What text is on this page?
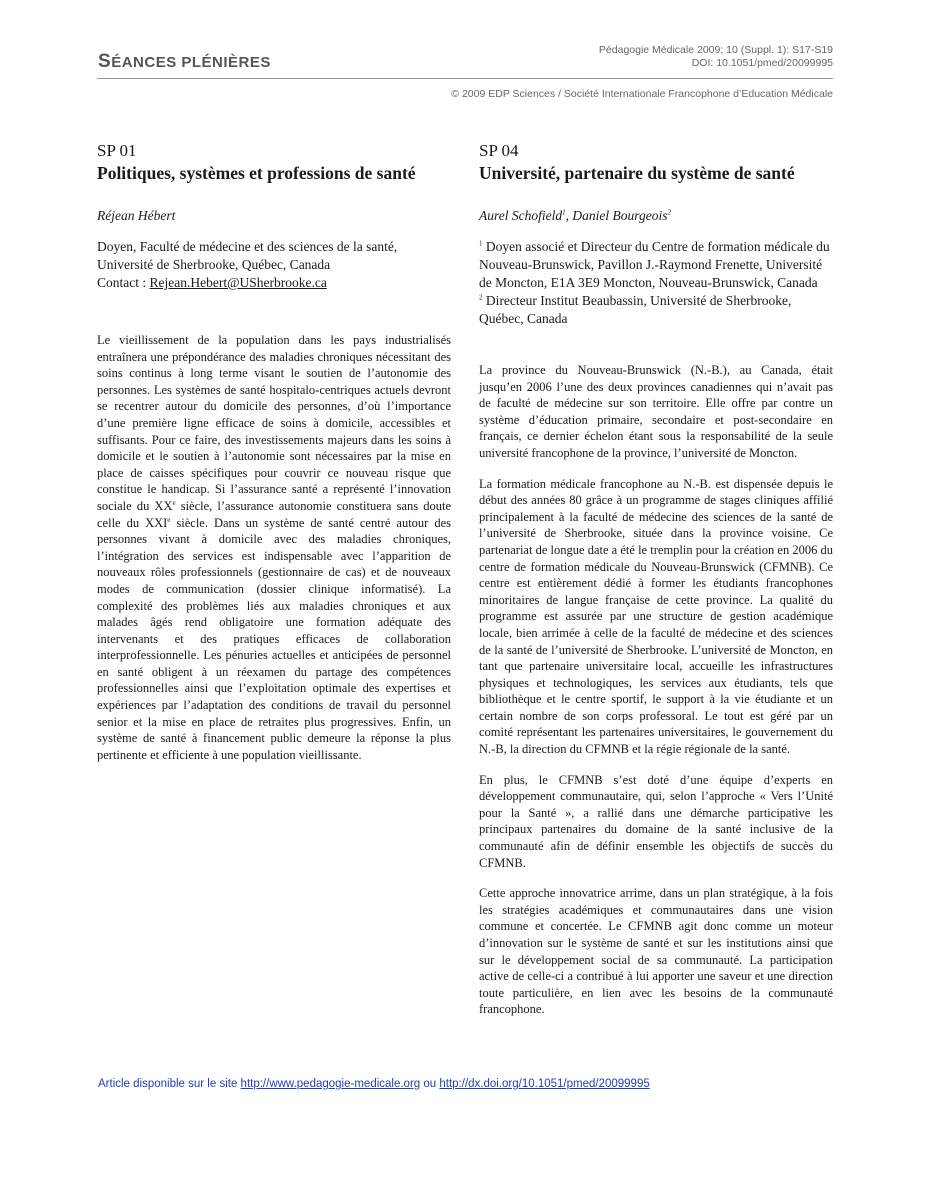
SÉANCES PLÉNIÈRES
Pédagogie Médicale 2009; 10 (Suppl. 1): S17-S19
DOI: 10.1051/pmed/20099995
© 2009 EDP Sciences / Société Internationale Francophone d’Education Médicale
SP 01
Politiques, systèmes et professions de santé
Réjean Hébert

Doyen, Faculté de médecine et des sciences de la santé,

Université de Sherbrooke, Québec, Canada

Contact : Rejean.Hebert@USherbrooke.ca

Le vieillissement de la population dans les pays industrialisés entraînera une prépondérance des maladies chroniques nécessitant des soins continus à long terme visant le soutien de l’autonomie des personnes. Les systèmes de santé hospitalo-centriques actuels devront se recentrer autour du domicile des personnes, d’où l’importance d’une première ligne efficace de soins à domicile, accessibles et suffisants. Pour ce faire, des investissements majeurs dans les soins à domicile et le soutien à l’autonomie sont nécessaires par la mise en place de caisses spécifiques pour couvrir ce nouveau risque que constitue le handicap. Si l’assurance santé a représenté l’innovation sociale du XXe siècle, l’assurance autonomie constituera sans doute celle du XXIe siècle. Dans un système de santé centré autour des personnes vivant à domicile avec des maladies chroniques, l’intégration des services est indispensable avec l’apparition de nouveaux rôles professionnels (gestionnaire de cas) et de nouveaux modes de communication (dossier clinique informatisé). La complexité des problèmes liés aux maladies chroniques et aux malades âgés rend obligatoire une formation adéquate des intervenants et des pratiques efficaces de collaboration interprofessionnelle. Les pénuries actuelles et anticipées de personnel en santé obligent à un réexamen du partage des compétences professionnelles ainsi que l’exploitation optimale des expertises et expériences par l’adaptation des conditions de travail du personnel senior et la mise en place de retraites plus progressives. Enfin, un système de santé à financement public demeure la réponse la plus pertinente et efficiente à une population vieillissante.

SP 04
Université, partenaire du système de santé
Aurel Schofield$^1$, Daniel Bourgeois$^2$

$^1$ Doyen associé et Directeur du Centre de formation médicale du Nouveau-Brunswick, Pavillon J.-Raymond Frenette, Université de Moncton, E1A 3E9 Moncton, Nouveau-Brunswick, Canada

$^2$ Directeur Institut Beaubassin, Université de Sherbrooke, Québec, Canada

La province du Nouveau-Brunswick (N.-B.), au Canada, était jusqu’en 2006 l’une des deux provinces canadiennes qui n’avait pas de faculté de médecine sur son territoire. Elle offre par contre un système d’éducation primaire, secondaire et post-secondaire en français, ce dernier échelon étant sous la responsabilité de la seule université francophone de la province, l’université de Moncton.

La formation médicale francophone au N.-B. est dispensée depuis le début des années 80 grâce à un programme de stages cliniques affilié principalement à la faculté de médecine des sciences de la santé de l’université de Sherbrooke, située dans la province voisine. Ce partenariat de longue date a été le tremplin pour la création en 2006 du centre de formation médicale du Nouveau-Brunswick (CFMNB). Ce centre est entièrement dédié à former les étudiants francophones minoritaires de langue française de cette province. La qualité du programme est assurée par une structure de gestion académique locale, bien arrimée à celle de la faculté de médecine et des sciences de la santé de l’université de Sherbrooke. L’université de Moncton, en tant que partenaire universitaire local, accueille les infrastructures physiques et technologiques, les services aux étudiants, tels que bibliothèque et le centre sportif, le support à la vie étudiante et un certain nombre de son corps professoral. Le tout est géré par un comité représentant les partenaires universitaires, le gouvernement du N.-B, la direction du CFMNB et la régie régionale de la santé.

En plus, le CFMNB s’est doté d’une équipe d’experts en développement communautaire, qui, selon l’approche « Vers l’Unité pour la Santé », a rallié dans une démarche participative les principaux partenaires du domaine de la santé inclusive de la communauté afin de définir ensemble les objectifs de succès du CFMNB.

Cette approche innovatrice arrime, dans un plan stratégique, à la fois les stratégies académiques et communautaires dans une vision commune et concertée. Le CFMNB agit donc comme un moteur d’innovation sur le système de santé et sur les institutions ainsi que sur le développement social de sa communauté. La participation active de celle-ci a contribué à lui apporter une saveur et une direction toute particulière, en lien avec les besoins de la communauté francophone.

Article disponible sur le site http://www.pedagogie-medicale.org ou http://dx.doi.org/10.1051/pmed/20099995
